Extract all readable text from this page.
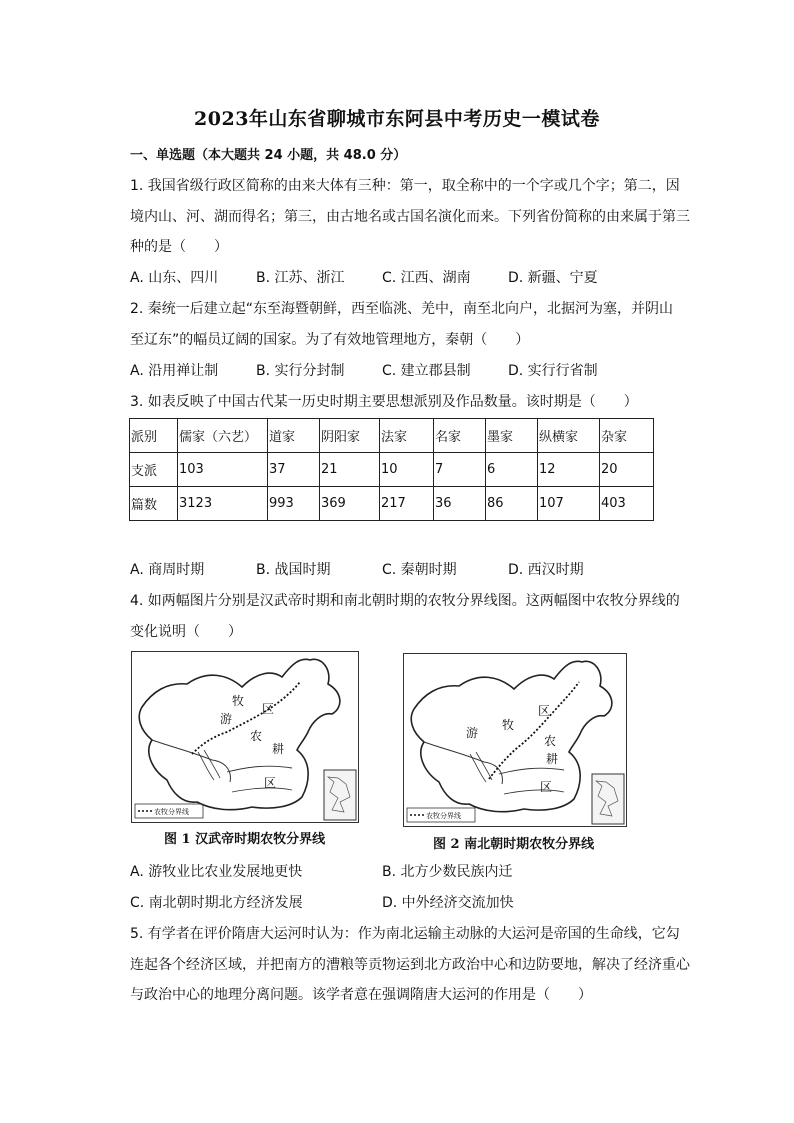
2023年山东省聊城市东阿县中考历史一模试卷
一、单选题（本大题共 24 小题，共 48.0 分）
1. 我国省级行政区简称的由来大体有三种：第一，取全称中的一个字或几个字；第二，因
境内山、河、湖而得名；第三，由古地名或古国名演化而来。下列省份简称的由来属于第三
种的是（　　）
A. 山东、四川	B. 江苏、浙江	C. 江西、湖南	D. 新疆、宁夏
2. 秦统一后建立起“东至海暨朝鲜，西至临洮、羌中，南至北向户，北据河为塞，并阴山
至辽东”的幅员辽阔的国家。为了有效地管理地方，秦朝（　　）
A. 沿用禅让制	B. 实行分封制	C. 建立郡县制	D. 实行行省制
3. 如表反映了中国古代某一历史时期主要思想派别及作品数量。该时期是（　　）
派别	儒家（六艺）	道家	阴阳家	法家	名家	墨家	纵横家	杂家
支派	103	37	21	10	7	6	12	20
篇数	3123	993	369	217	36	86	107	403
A. 商周时期	B. 战国时期	C. 秦朝时期	D. 西汉时期
4. 如两幅图片分别是汉武帝时期和南北朝时期的农牧分界线图。这两幅图中农牧分界线的
变化说明（　　）
游
牧
区
农
耕
区
农牧分界线
图 1 汉武帝时期农牧分界线
游
牧
区
农
耕
区
农牧分界线
图 2 南北朝时期农牧分界线
A. 游牧业比农业发展地更快	B. 北方少数民族内迁
C. 南北朝时期北方经济发展	D. 中外经济交流加快
5. 有学者在评价隋唐大运河时认为：作为南北运输主动脉的大运河是帝国的生命线，它勾
连起各个经济区域，并把南方的漕粮等贡物运到北方政治中心和边防要地，解决了经济重心
与政治中心的地理分离问题。该学者意在强调隋唐大运河的作用是（　　）
